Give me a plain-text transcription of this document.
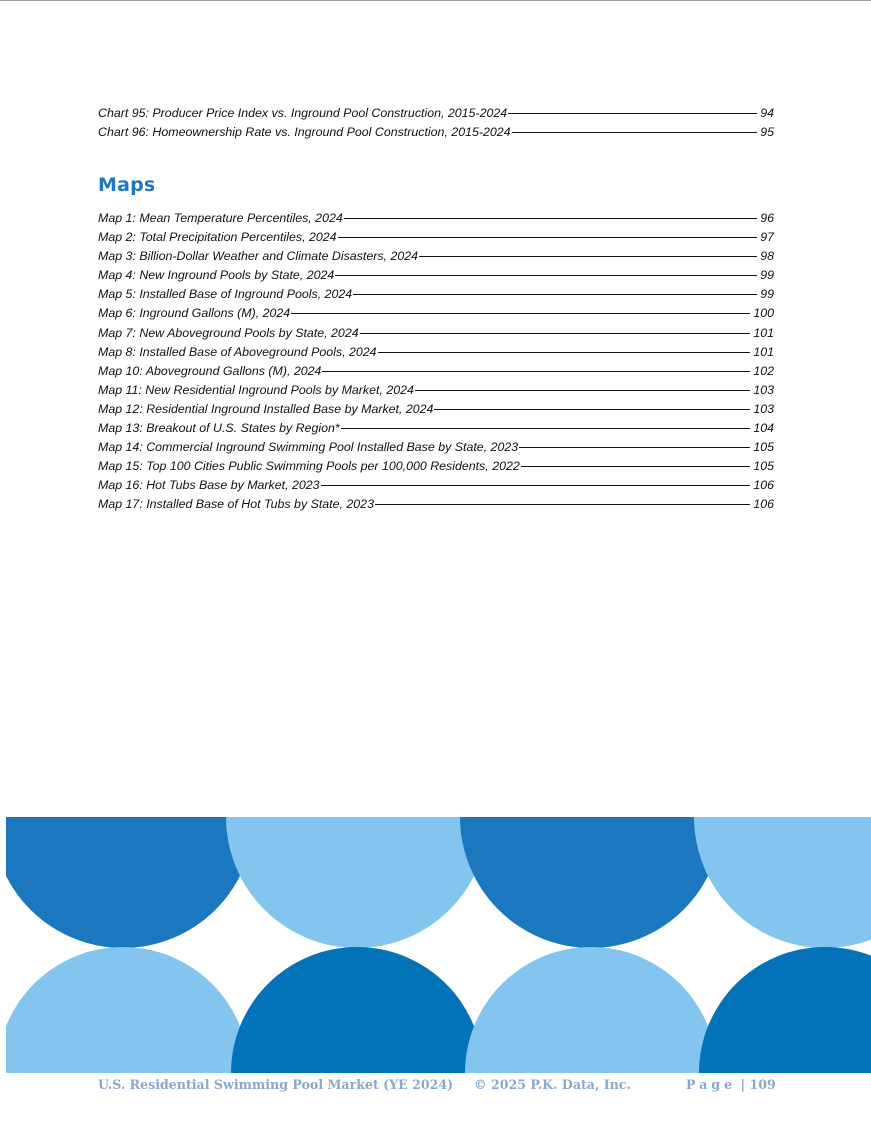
Chart 95: Producer Price Index vs. Inground Pool Construction, 2015-2024	94
Chart 96: Homeownership Rate vs. Inground Pool Construction, 2015-2024	95
Maps
Map 1: Mean Temperature Percentiles, 2024	96
Map 2: Total Precipitation Percentiles, 2024	97
Map 3: Billion-Dollar Weather and Climate Disasters, 2024	98
Map 4: New Inground Pools by State, 2024	99
Map 5: Installed Base of Inground Pools, 2024	99
Map 6: Inground Gallons (M), 2024	100
Map 7: New Aboveground Pools by State, 2024	101
Map 8: Installed Base of Aboveground Pools, 2024	101
Map 10: Aboveground Gallons (M), 2024	102
Map 11: New Residential Inground Pools by Market, 2024	103
Map 12: Residential Inground Installed Base by Market, 2024	103
Map 13: Breakout of U.S. States by Region*	104
Map 14: Commercial Inground Swimming Pool Installed Base by State, 2023	105
Map 15: Top 100 Cities Public Swimming Pools per 100,000 Residents, 2022	105
Map 16: Hot Tubs Base by Market, 2023	106
Map 17: Installed Base of Hot Tubs by State, 2023	106
U.S. Residential Swimming Pool Market (YE 2024) © 2025 P.K. Data, Inc.	Page | 109
